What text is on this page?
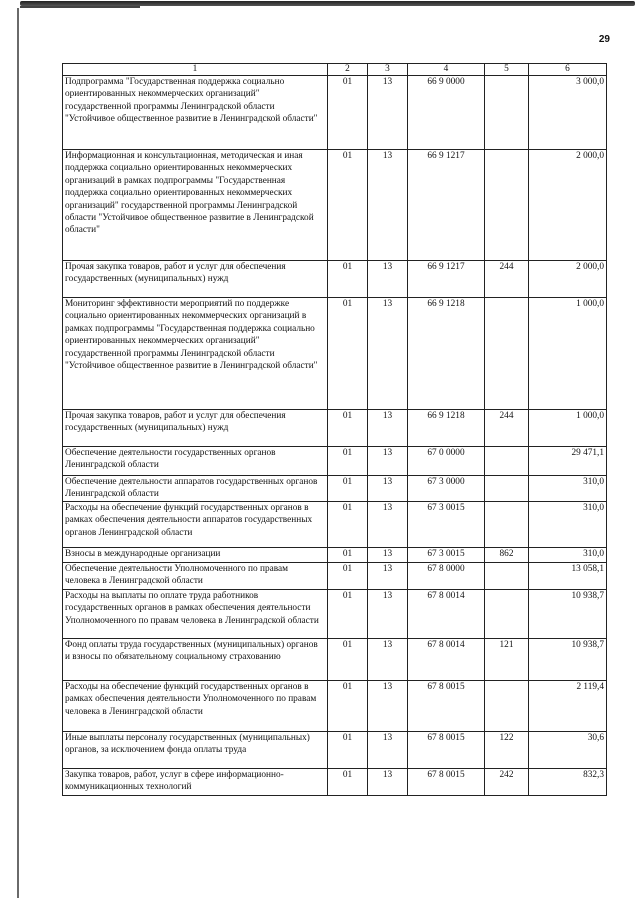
29
1	2	3	4	5	6
Подпрограмма "Государственная поддержка социально ориентированных некоммерческих организаций" государственной программы Ленинградской области "Устойчивое общественное развитие в Ленинградской области"	01	13	66 9 0000		3 000,0
Информационная и консультационная, методическая и иная поддержка социально ориентированных некоммерческих организаций в рамках подпрограммы "Государственная поддержка социально ориентированных некоммерческих организаций" государственной программы Ленинградской области "Устойчивое общественное развитие в Ленинградской области"	01	13	66 9 1217		2 000,0
Прочая закупка товаров, работ и услуг для обеспечения государственных (муниципальных) нужд	01	13	66 9 1217	244	2 000,0
Мониторинг эффективности мероприятий по поддержке социально ориентированных некоммерческих организаций в рамках подпрограммы "Государственная поддержка социально ориентированных некоммерческих организаций" государственной программы Ленинградской области "Устойчивое общественное развитие в Ленинградской области"	01	13	66 9 1218		1 000,0
Прочая закупка товаров, работ и услуг для обеспечения государственных (муниципальных) нужд	01	13	66 9 1218	244	1 000,0
Обеспечение деятельности государственных органов Ленинградской области	01	13	67 0 0000		29 471,1
Обеспечение деятельности аппаратов государственных органов Ленинградской области	01	13	67 3 0000		310,0
Расходы на обеспечение функций государственных органов в рамках обеспечения деятельности аппаратов государственных органов Ленинградской области	01	13	67 3 0015		310,0
Взносы в международные организации	01	13	67 3 0015	862	310,0
Обеспечение деятельности Уполномоченного по правам человека в Ленинградской области	01	13	67 8 0000		13 058,1
Расходы на выплаты по оплате труда работников государственных органов в рамках обеспечения деятельности Уполномоченного по правам человека в Ленинградской области	01	13	67 8 0014		10 938,7
Фонд оплаты труда государственных (муниципальных) органов и взносы по обязательному социальному страхованию	01	13	67 8 0014	121	10 938,7
Расходы на обеспечение функций государственных органов в рамках обеспечения деятельности Уполномоченного по правам человека в Ленинградской области	01	13	67 8 0015		2 119,4
Иные выплаты персоналу государственных (муниципальных) органов, за исключением фонда оплаты труда	01	13	67 8 0015	122	30,6
Закупка товаров, работ, услуг в сфере информационно-коммуникационных технологий	01	13	67 8 0015	242	832,3
